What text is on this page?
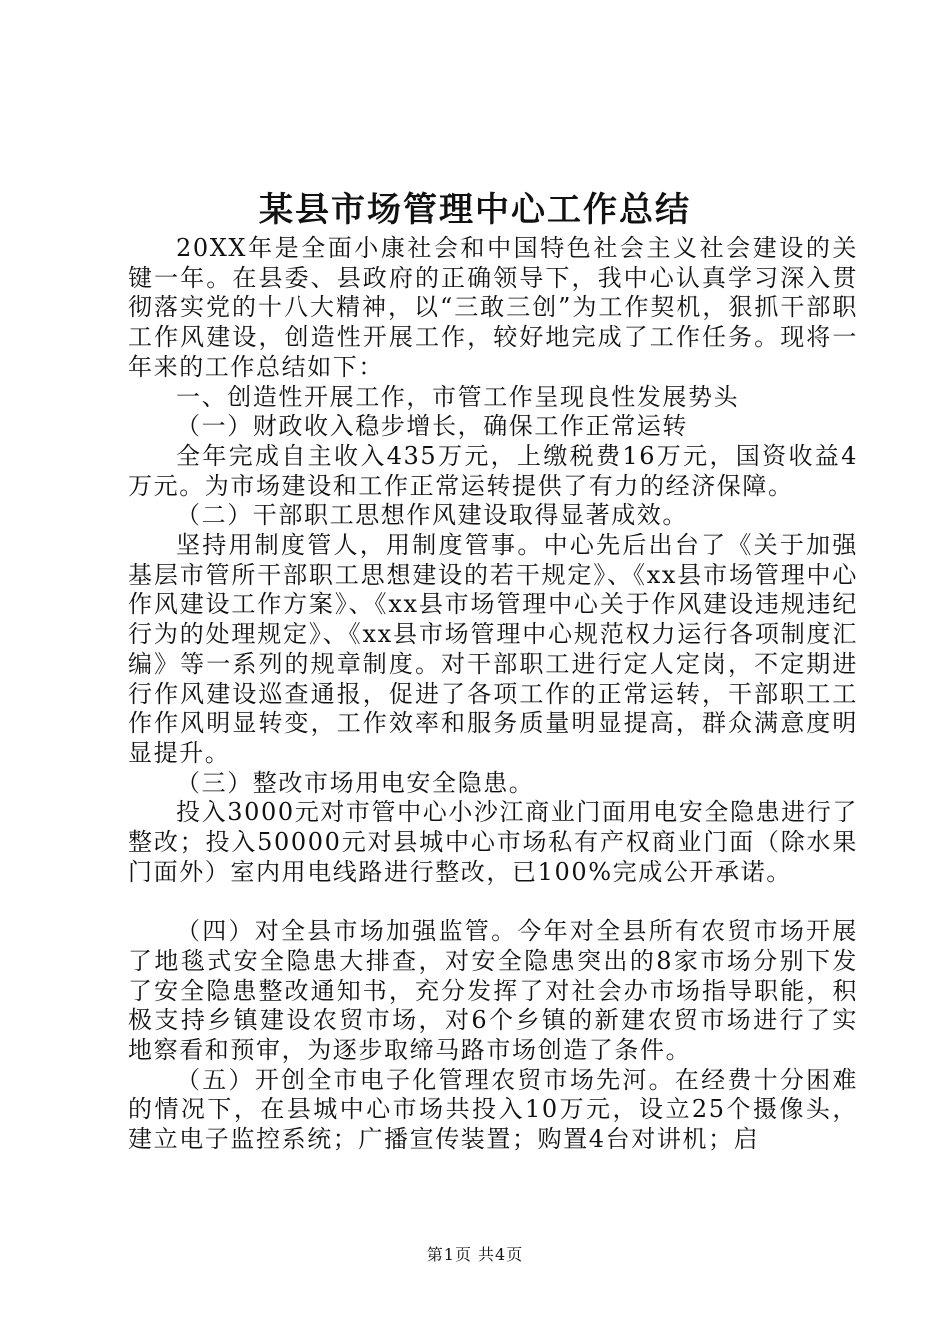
某县市场管理中心工作总结

20XX年是全面小康社会和中国特色社会主义社会建设的关键一年。在县委、县政府的正确领导下，我中心认真学习深入贯彻落实党的十八大精神，以“三敢三创”为工作契机，狠抓干部职工作风建设，创造性开展工作，较好地完成了工作任务。现将一年来的工作总结如下：

一、创造性开展工作，市管工作呈现良性发展势头

（一）财政收入稳步增长，确保工作正常运转

全年完成自主收入435万元，上缴税费16万元，国资收益4万元。为市场建设和工作正常运转提供了有力的经济保障。

（二）干部职工思想作风建设取得显著成效。

坚持用制度管人，用制度管事。中心先后出台了《关于加强基层市管所干部职工思想建设的若干规定》、《xx县市场管理中心作风建设工作方案》、《xx县市场管理中心关于作风建设违规违纪行为的处理规定》、《xx县市场管理中心规范权力运行各项制度汇编》等一系列的规章制度。对干部职工进行定人定岗，不定期进行作风建设巡查通报，促进了各项工作的正常运转，干部职工工作作风明显转变，工作效率和服务质量明显提高，群众满意度明显提升。

（三）整改市场用电安全隐患。

投入3000元对市管中心小沙江商业门面用电安全隐患进行了整改；投入50000元对县城中心市场私有产权商业门面（除水果门面外）室内用电线路进行整改，已100%完成公开承诺。

（四）对全县市场加强监管。今年对全县所有农贸市场开展了地毯式安全隐患大排查，对安全隐患突出的8家市场分别下发了安全隐患整改通知书，充分发挥了对社会办市场指导职能，积极支持乡镇建设农贸市场，对6个乡镇的新建农贸市场进行了实地察看和预审，为逐步取缔马路市场创造了条件。

（五）开创全市电子化管理农贸市场先河。在经费十分困难的情况下，在县城中心市场共投入10万元，设立25个摄像头，建立电子监控系统；广播宣传装置；购置4台对讲机；启

第1页 共4页
